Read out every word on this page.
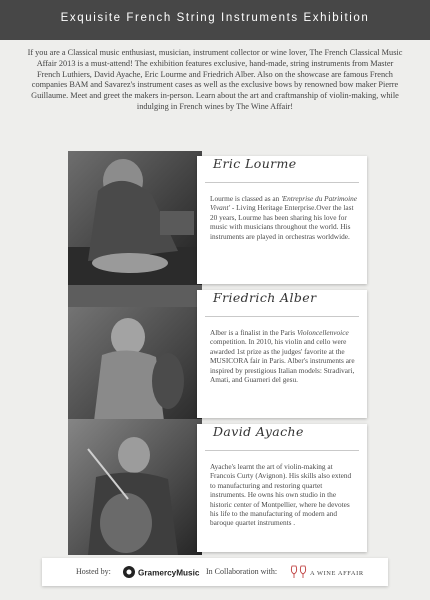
Exquisite French String Instruments Exhibition
If you are a Classical music enthusiast, musician, instrument collector or wine lover, The French Classical Music Affair 2013 is a must-attend! The exhibition features exclusive, hand-made, string instruments from Master French Luthiers, David Ayache, Eric Lourme and Friedrich Alber. Also on the showcase are famous French companies BAM and Savarez's instrument cases as well as the exclusive bows by renowned bow maker Pierre Guillaume. Meet and greet the makers in-person. Learn about the art and craftmanship of violin-making, while indulging in French wines by The Wine Affair!
Eric Lourme
Lourme is classed as an 'Entreprise du Patrimoine Vivant' - Living Heritage Enterprise.Over the last 20 years, Lourme has been sharing his love for music with musicians throughout the world. His instruments are played in orchestras worldwide.
Friedrich Alber
Alber is a finalist in the Paris Violoncellenvoice competition. In 2010, his violin and cello were awarded 1st prize as the judges' favorite at the MUSICORA fair in Paris. Alber's instruments are inspired by prestigious Italian models: Stradivari, Amati, and Guarneri del gesu.
David Ayache
Ayache's learnt the art of violin-making at Francois Curty (Avignon). His skills also extend to manufacturing and restoring quartet instruments. He owns his own studio in the historic center of Montpellier, where he devotes his life to the manufacturing of modern and baroque quartet instruments .
Hosted by:	GramercyMusic In Collaboration with:	A WINE AFFAIR
